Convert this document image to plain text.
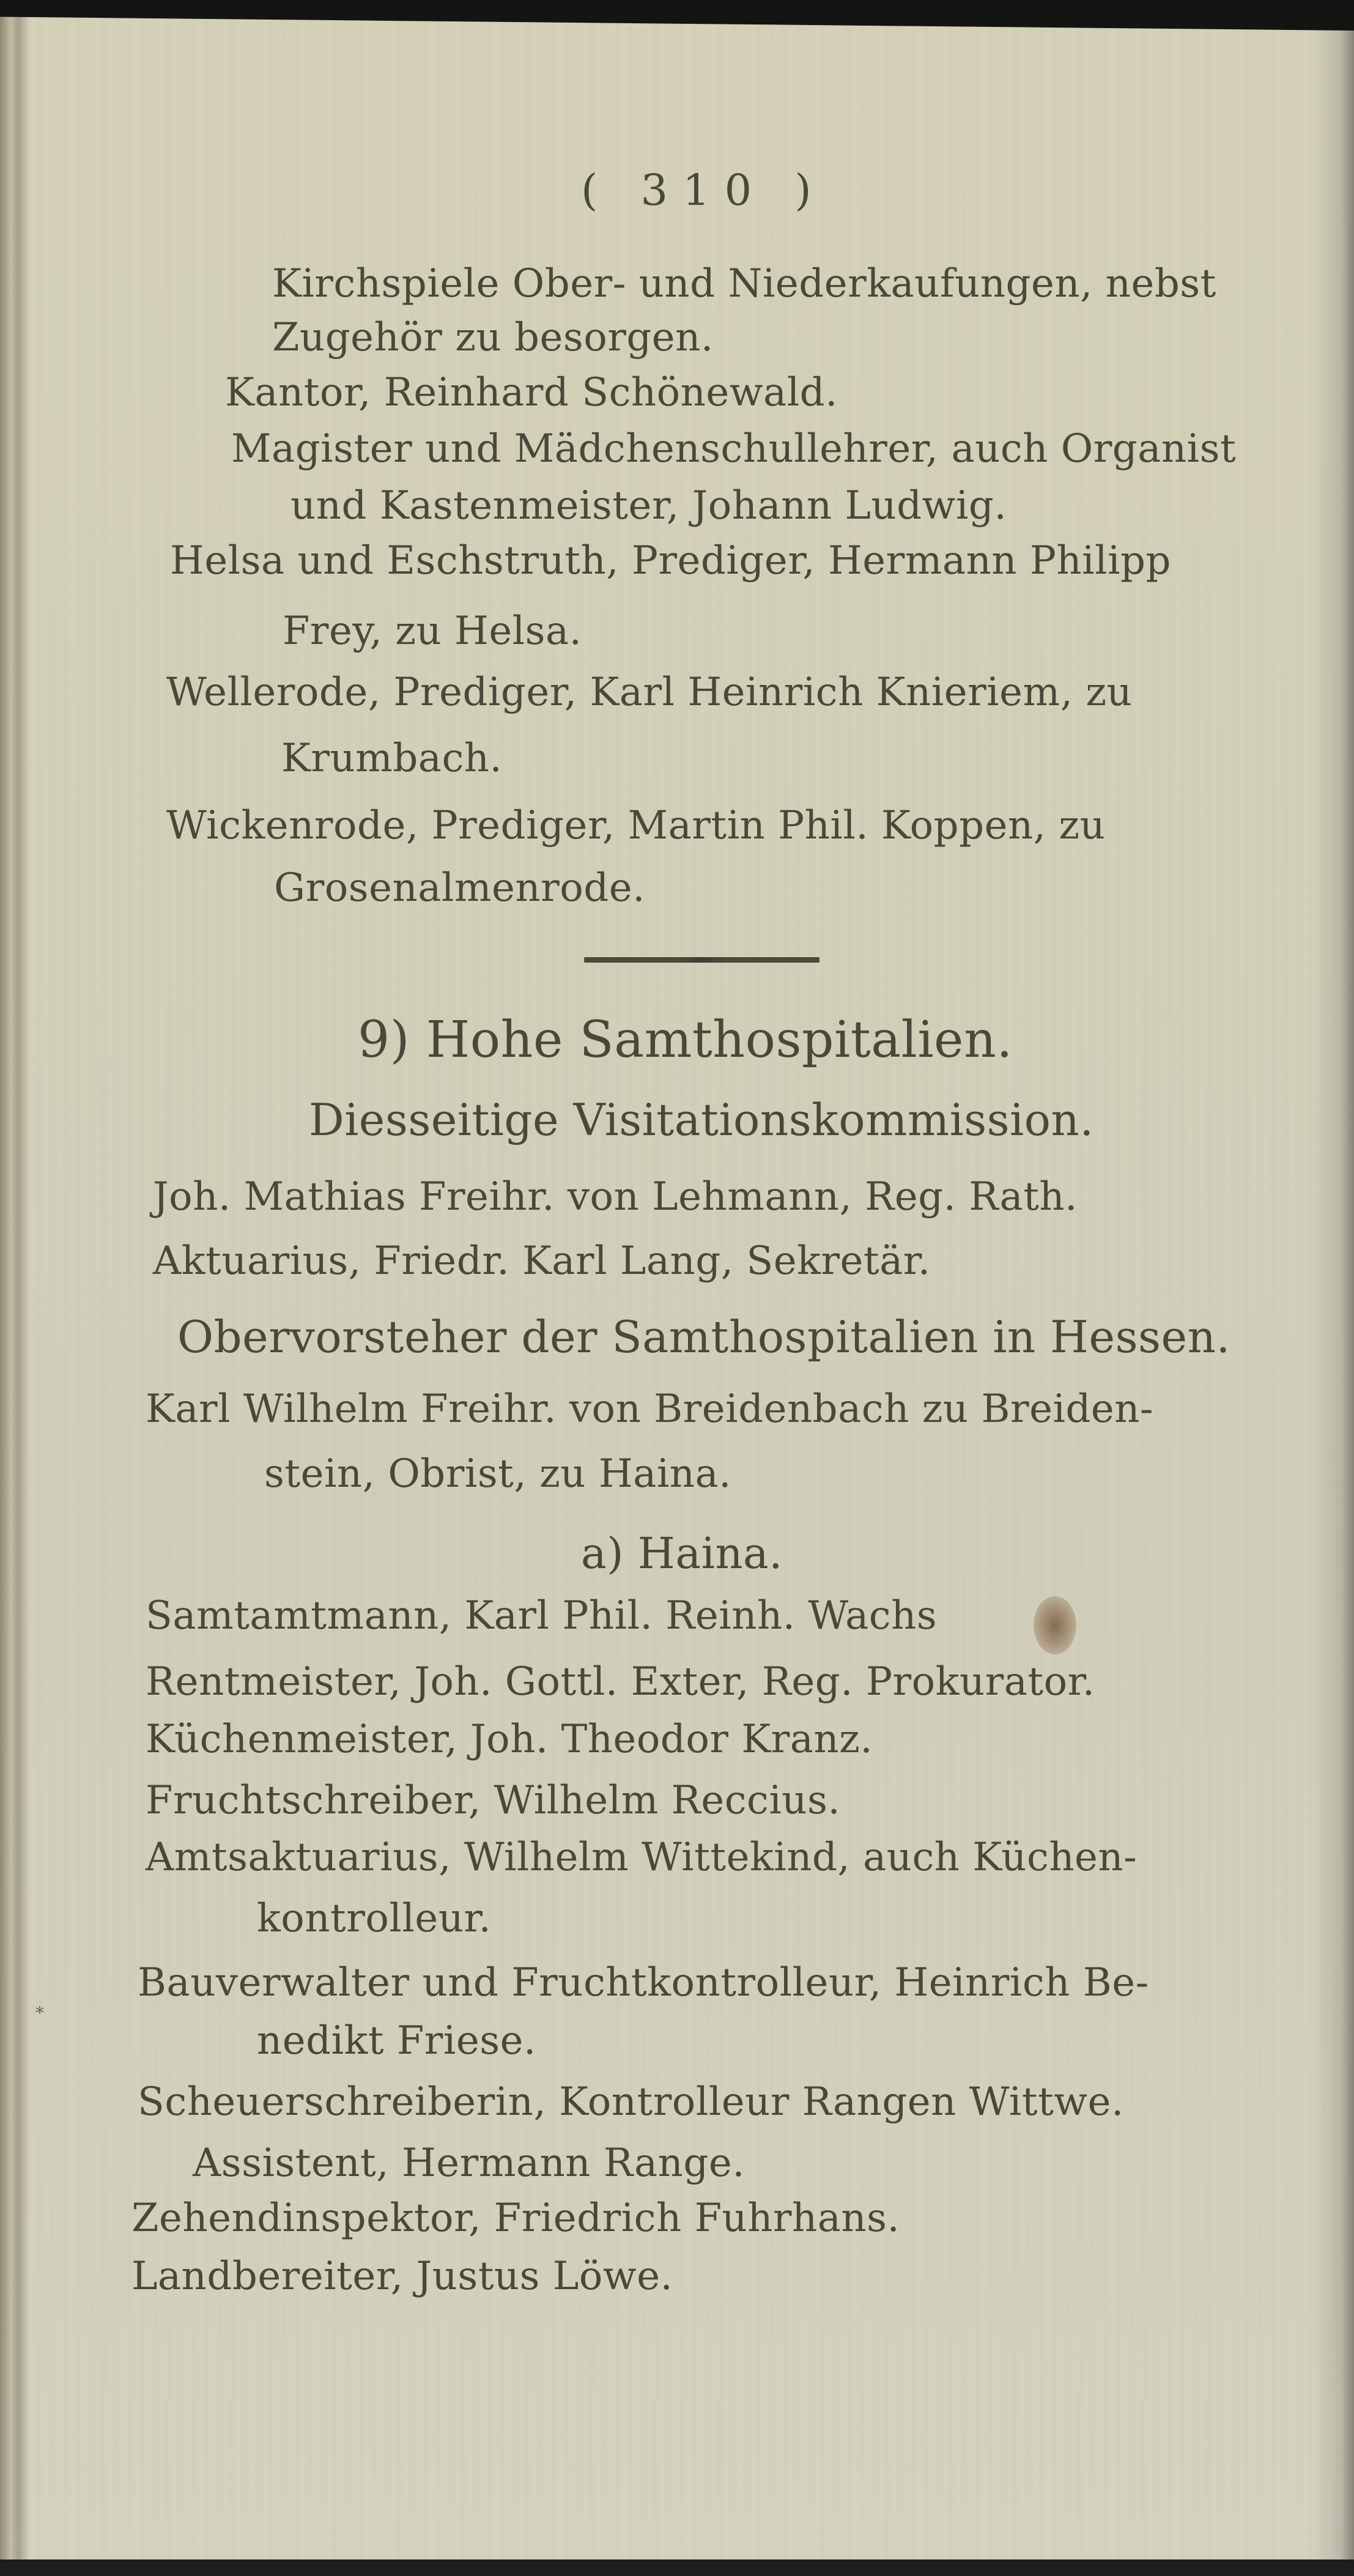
( 310 )
Kirchspiele Ober- und Niederkaufungen, nebst
Zugehör zu besorgen.
Kantor, Reinhard Schönewald.
Magister und Mädchenschullehrer, auch Organist
und Kastenmeister, Johann Ludwig.
Helsa und Eschstruth, Prediger, Hermann Philipp
Frey, zu Helsa.
Wellerode, Prediger, Karl Heinrich Knieriem, zu
Krumbach.
Wickenrode, Prediger, Martin Phil. Koppen, zu
Grosenalmenrode.
9) Hohe Samthospitalien.
Diesseitige Visitationskommission.
Joh. Mathias Freihr. von Lehmann, Reg. Rath.
Aktuarius, Friedr. Karl Lang, Sekretär.
Obervorsteher der Samthospitalien in Hessen.
Karl Wilhelm Freihr. von Breidenbach zu Breiden-
stein, Obrist, zu Haina.
a) Haina.
Samtamtmann, Karl Phil. Reinh. Wachs
Rentmeister, Joh. Gottl. Exter, Reg. Prokurator.
Küchenmeister, Joh. Theodor Kranz.
Fruchtschreiber, Wilhelm Reccius.
Amtsaktuarius, Wilhelm Wittekind, auch Küchen-
kontrolleur.
Bauverwalter und Fruchtkontrolleur, Heinrich Be-
*
nedikt Friese.
Scheuerschreiberin, Kontrolleur Rangen Wittwe.
Assistent, Hermann Range.
Zehendinspektor, Friedrich Fuhrhans.
Landbereiter, Justus Löwe.
